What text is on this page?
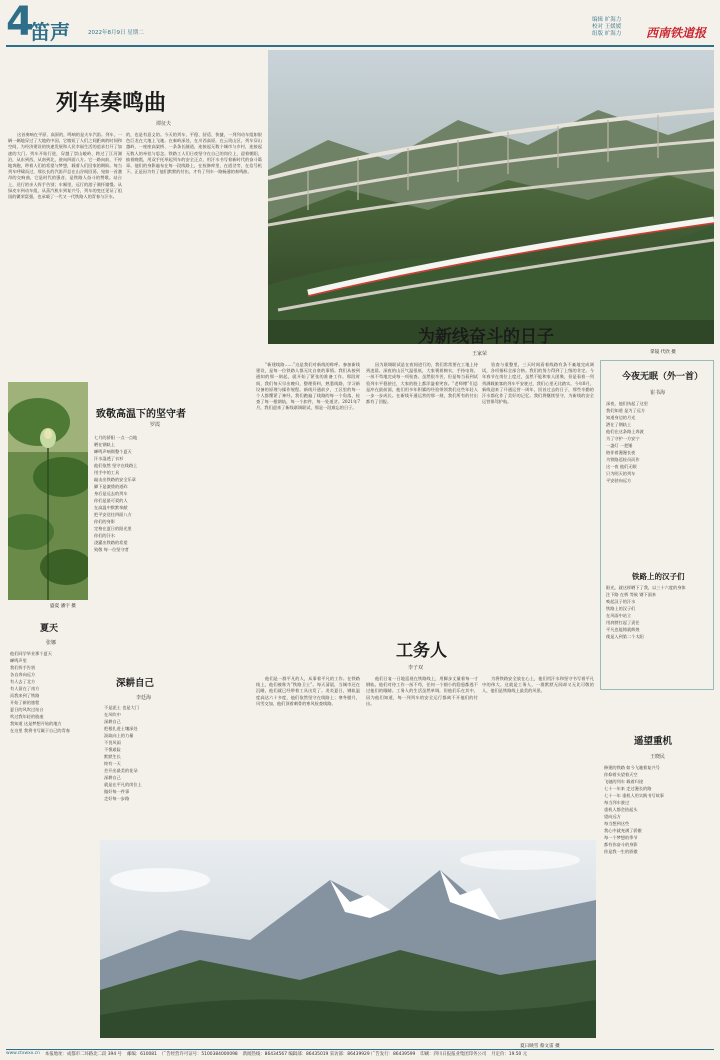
4
笛声	2022年8月9日 星期二
编辑 旷海力
校对 王媛媛
组版 旷海力	西南铁道报
掌镜 代欣 摄
列车奏鸣曲
谭征夫
这首奏响在平原、高原的，鸣响的是火车汽笛。列车，一辆一辆地穿过了大地的中国，它缩短了人们之间距离的时间和空间，为经济建设的快速发展和人民幸福生活的追求打开了加速的大门。列车开始行进，穿越了崇山峻岭，跨过了江河湖泊，从东到西，从南到北，驶向四面八方。它一路向前，不停地奔跑，带着人们的希望与梦想，载着人们回家的期盼。每当列车呼啸而过，那长长的汽笛声总在山谷间回荡，宛如一首激昂的交响曲，它是时代的强音，是铁路人奋斗的赞歌。站台上，送行的亲人挥手告别；车厢里，远行的游子满怀憧憬。从绿皮车到动车组，从蒸汽机车到复兴号，列车的变迁见证了祖国的繁荣富强，也承载了一代又一代铁路人的青春与汗水。
的，也是有意义的。今天的列车，平稳、舒适、快捷，一列列动车组如银色巨龙在大地上飞驰。在秦岭深处，在川西高原，在云贵山区，列车穿山越岭，一座座高架桥、一条条长隧道，连接起无数个城市与乡村，连接起无数人的牵挂与思念。铁路工人们日夜坚守在自己的岗位上，迎着朝阳，披着晚霞，用双手托举起列车的安全正点，用汗水书写着新时代的奋斗篇章。他们的身影遍布在每一段线路上，在检修库里，在道岔旁，在信号机下。正是因为有了他们默默的付出，才有了列车一路畅通的奏鸣曲。
为新线奋斗的日子
王家荣
“新建线路……”这是我们对新线的称呼。参加新线建设，是每一位铁路人都无比自豪的事情。我们从接到通知的那一刻起，就开始了紧张的准备工作。那段时间，我们每天早出晚归，整理资料，熟悉线路，学习新设备的原理与操作规程。新线开通前夕，工区里的每一个人都绷紧了神经。我们跑遍了线路的每一个角落，检查了每一根钢轨，每一个扣件，每一处道岔。2021年7月，我们迎来了新线联调联试，那是一段难忘的日子。
因为联调联试是在夜间进行的，我们常常要在工地上待到凌晨。深夜的山区气温很低，大家裹着棉衣，手持电筒，一丝不苟地完成每一项检查。虽然很辛苦，但是每当看到试验列车平稳驶过，大家的脸上都洋溢着笑容。“老师傅”们总是冲在最前面，他们用多年积累的经验带领我们这些年轻人一步一步成长。在新线开通运营的那一刻，我们所有的付出都有了回报。
验查与重整里，三天时间看着线路有条不紊地完成调试，各项指标全部合格。我们的努力得到了上级的肯定。今年春节在岗位上度过，虽然不能和家人团聚，但是看着一列列满载旅客的列车平安驶过，我们心里无比踏实。今年8月，新线迎来了开通运营一周年，回首过去的日子，那些辛勤的汗水都化作了美好的记忆。我们将继续坚守，为新线的安全运营保驾护航。
今夜无眠（外一首）
崔书海
深夜，他们执起了这里
我们知道 是为了远方
知道身边的月光
洒在了钢轨上
他们在这条路上奔波
为了守护一方安宁
一盏灯 一把锤
陪伴着漫漫长夜
为铁路巡检员而作
这一夜 他们无眠
只为明天的列车
平安驶向远方
铁路上的汉子们
阳光，就这样晒下了我，以三十六度的身体
注下路 在桥 等候 钢下面来
唤起汉子的汗水
铁路上的汉子们
在风雨中站立
用肩膀扛起了责任
平凡也能铸就辉煌
使是入到第二个太阳
盛夏 潘宇 摄
致敬高温下的坚守者
罗霞
七月的骄阳 一点一点地
晒在钢轨上
蝉鸣声响彻整个夏天
汗水湿透了衣衫
他们依然 坚守在线路上
用手中的工具
敲击出铁路的安全乐章
脚下是滚烫的道砟
身后是远去的列车
你们是最可爱的人
在高温中默默奉献
把平安送往四面八方
你们的身影
定格在夏日的阳光里
你们的汗水
浇灌出铁路的希望
致敬 每一位坚守者
夏天
张娜
他们同学毕业那个夏天
蝉鸣声里
我们挥手告别
各自奔向远方
有人去了北方
有人留在了南方
而我来到了铁路
开始了新的旅程
夏日的风吹过站台
吹过我年轻的脸庞
我知道 这是梦想开始的地方
在这里 我将书写属于自己的青春
深耕自己
李廷海
不是泥土 也是大门
在风吹中
深耕自己
把根扎进土壤深处
汲取向上的力量
不畏风雨
不惧艰险
默默生长
终有一天
会开出最美的花朵
深耕自己
就是在平凡的岗位上
做好每一件事
走好每一步路
工务人
李子双
他们是一群平凡的人，从事着平凡的工作。在铁路线上，他们被称为“铁路卫士”。每天清晨，当城市还在沉睡，他们就已经带着工具出发了。炎炎夏日，钢轨温度高达六十多度，他们依然坚守在线路上；寒冬腊月，风雪交加，他们顶着刺骨的寒风检查线路。
他们日复一日地巡视在铁路线上，用脚步丈量着每一寸钢轨。他们对待工作一丝不苟，任何一个细小的隐患都逃不过他们的眼睛。工务人的生活虽然单调，但他们乐在其中，因为他们知道，每一列列车的安全运行都离不开他们的付出。
为将铁路安全放在心上，他们用汗水和坚守书写着平凡中的伟大。这就是工务人，一群默默无闻却又无比可敬的人，他们是铁路线上最美的风景。
夏日映雪 蔡文雷 摄
遥望重机
王晓民
修建的铁路 如今飞驰着复兴号
你仰着头望着天空
飞驰的列车 载着归途
七十一年来 走过漫长的路
七十一年 重机人用实践书写故事
每当列车驶过
重机人都会抬起头
望向远方
每当想到这些
我心中就充满了骄傲
每一个梦想的季节
都有你奋斗的身影
你是我一生的骄傲
www.ctxwxx.cn 本报地址：成都市二环路北二段 394 号 邮编：610081 广告经营许可证号：5100384000098 新闻热线：86434567 编辑部：86435019 采访部：86439929 广告发行：86439599 印刷：四川日报报业集团印务公司 月定价：19.50 元
